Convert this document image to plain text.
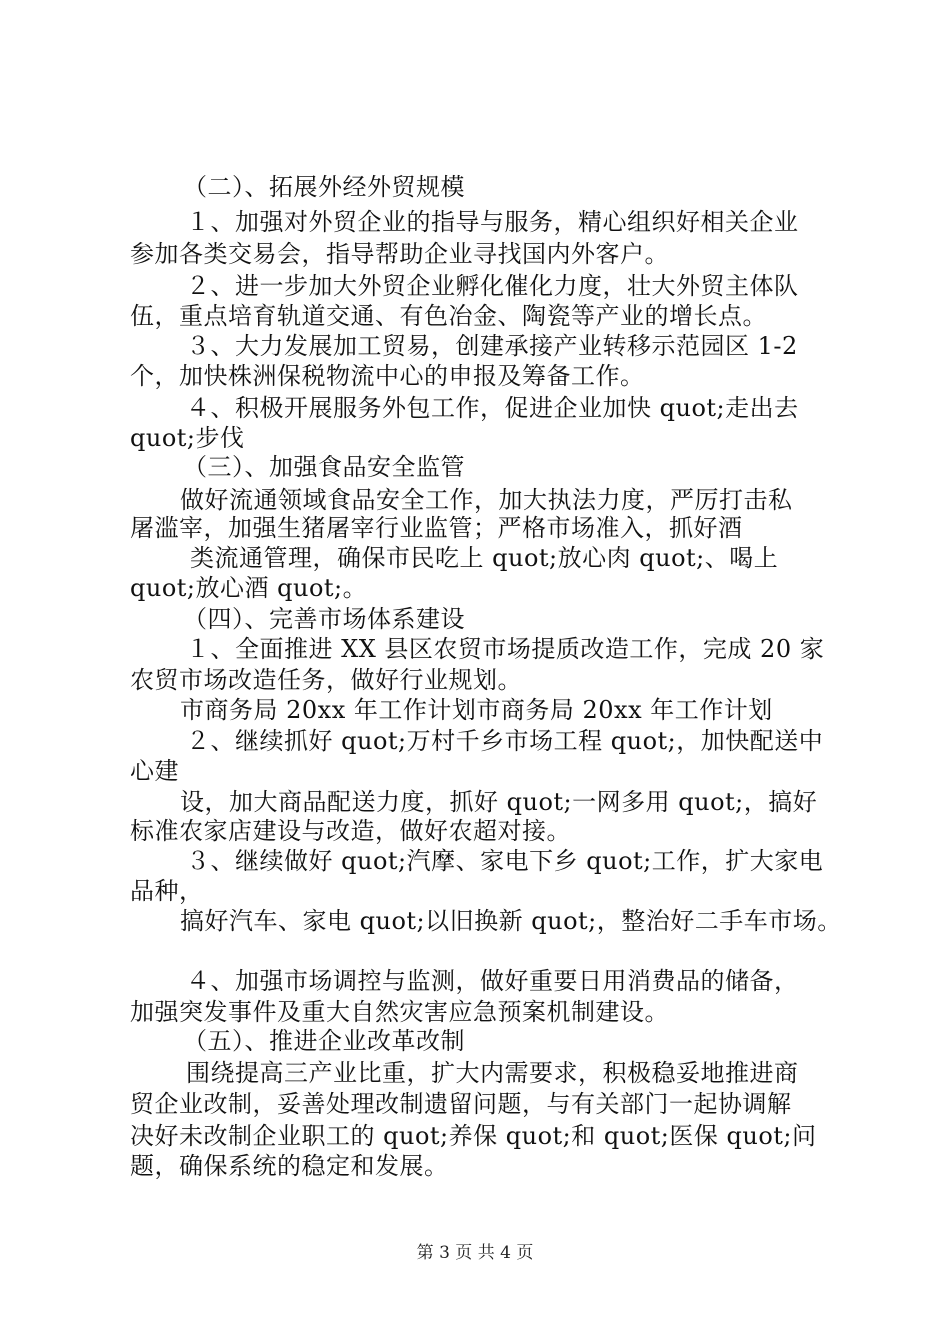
（二）、拓展外经外贸规模
１、加强对外贸企业的指导与服务，精心组织好相关企业
参加各类交易会，指导帮助企业寻找国内外客户。
２、进一步加大外贸企业孵化催化力度，壮大外贸主体队
伍，重点培育轨道交通、有色冶金、陶瓷等产业的增长点。
３、大力发展加工贸易，创建承接产业转移示范园区 1-2
个，加快株洲保税物流中心的申报及筹备工作。
４、积极开展服务外包工作，促进企业加快 quot;走出去
quot;步伐
（三）、加强食品安全监管
做好流通领域食品安全工作，加大执法力度，严厉打击私
屠滥宰，加强生猪屠宰行业监管；严格市场准入，抓好酒
类流通管理，确保市民吃上 quot;放心肉 quot;、喝上
quot;放心酒 quot;。
（四）、完善市场体系建设
１、全面推进 XX 县区农贸市场提质改造工作，完成 20 家
农贸市场改造任务，做好行业规划。
市商务局 20xx 年工作计划市商务局 20xx 年工作计划
２、继续抓好 quot;万村千乡市场工程 quot;，加快配送中
心建
设，加大商品配送力度，抓好 quot;一网多用 quot;，搞好
标准农家店建设与改造，做好农超对接。
３、继续做好 quot;汽摩、家电下乡 quot;工作，扩大家电
品种，
搞好汽车、家电 quot;以旧换新 quot;，整治好二手车市场。
４、加强市场调控与监测，做好重要日用消费品的储备，
加强突发事件及重大自然灾害应急预案机制建设。
（五）、推进企业改革改制
围绕提高三产业比重，扩大内需要求，积极稳妥地推进商
贸企业改制，妥善处理改制遗留问题，与有关部门一起协调解
决好未改制企业职工的 quot;养保 quot;和 quot;医保 quot;问
题，确保系统的稳定和发展。
第 3 页 共 4 页
